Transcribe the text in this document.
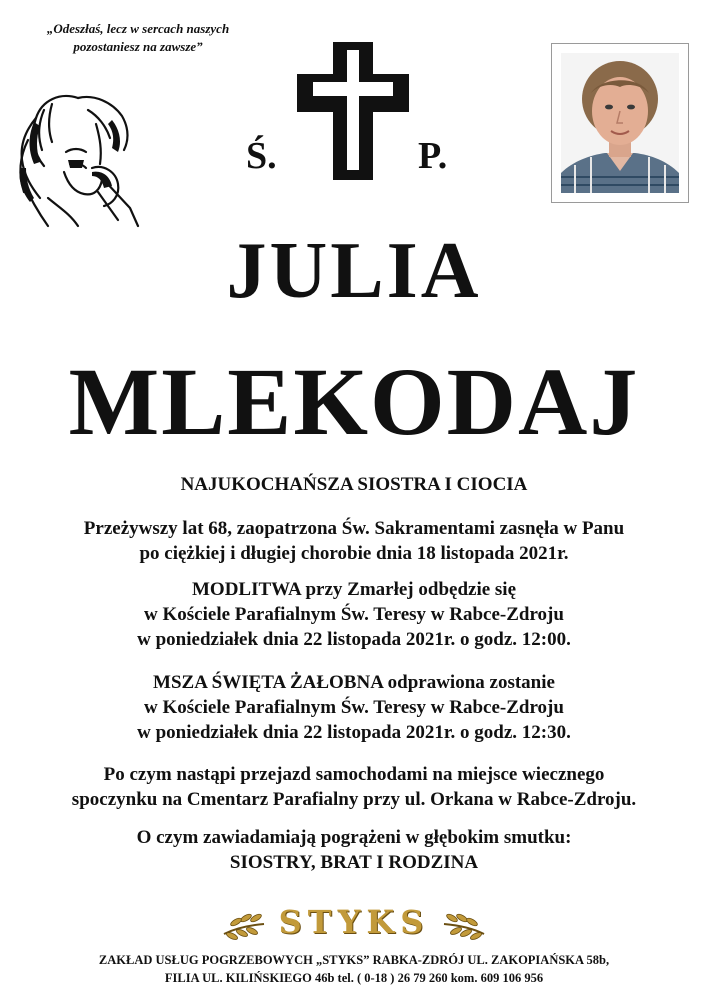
„Odeszłaś, lecz w sercach naszych
pozostaniesz na zawsze”
Ś.	P.
JULIA
MLEKODAJ
NAJUKOCHAŃSZA SIOSTRA I CIOCIA
Przeżywszy lat 68, zaopatrzona Św. Sakramentami zasnęła w Panu
po ciężkiej i długiej chorobie dnia 18 listopada 2021r.
MODLITWA przy Zmarłej odbędzie się
w Kościele Parafialnym Św. Teresy w Rabce-Zdroju
w poniedziałek dnia 22 listopada 2021r. o godz. 12:00.
MSZA ŚWIĘTA ŻAŁOBNA odprawiona zostanie
w Kościele Parafialnym Św. Teresy w Rabce-Zdroju
w poniedziałek dnia 22 listopada 2021r. o godz. 12:30.
Po czym nastąpi przejazd samochodami na miejsce wiecznego
spoczynku na Cmentarz Parafialny przy ul. Orkana w Rabce-Zdroju.
O czym zawiadamiają pogrążeni w głębokim smutku:
SIOSTRY, BRAT I RODZINA
STYKS
ZAKŁAD USŁUG POGRZEBOWYCH „STYKS” RABKA-ZDRÓJ UL. ZAKOPIAŃSKA 58b,
FILIA UL. KILIŃSKIEGO 46b tel. ( 0-18 ) 26 79 260 kom. 609 106 956
